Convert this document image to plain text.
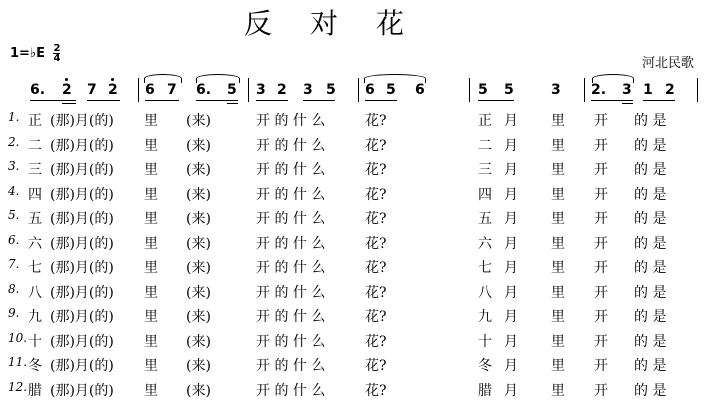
反对花
1=♭E $\frac{2}{4}$
河北民歌
6. 2 7 2 6 7 6. 5 3 2 3 5 6 5 6	5 5	3 2. 3 1 2
1. 正 (那)月(的) 里 (来)	开 的 什 么	花?	正 月 里 开 的 是
2. 二 (那)月(的) 里 (来)	开 的 什 么	花?	二 月 里 开 的 是
3. 三 (那)月(的) 里 (来)	开 的 什 么	花?	三 月 里 开 的 是
4. 四 (那)月(的) 里 (来)	开 的 什 么	花?	四 月 里 开 的 是
5. 五 (那)月(的) 里 (来)	开 的 什 么	花?	五 月 里 开 的 是
6. 六 (那)月(的) 里 (来)	开 的 什 么	花?	六 月 里 开 的 是
7. 七 (那)月(的) 里 (来)	开 的 什 么	花?	七 月 里 开 的 是
8. 八 (那)月(的) 里 (来)	开 的 什 么	花?	八 月 里 开 的 是
9. 九 (那)月(的) 里 (来)	开 的 什 么	花?	九 月 里 开 的 是
10. 十 (那)月(的) 里 (来)	开 的 什 么	花?	十 月 里 开 的 是
11. 冬 (那)月(的) 里 (来)	开 的 什 么	花?	冬 月 里 开 的 是
12. 腊 (那)月(的) 里 (来)	开 的 什 么	花?	腊 月 里 开 的 是
